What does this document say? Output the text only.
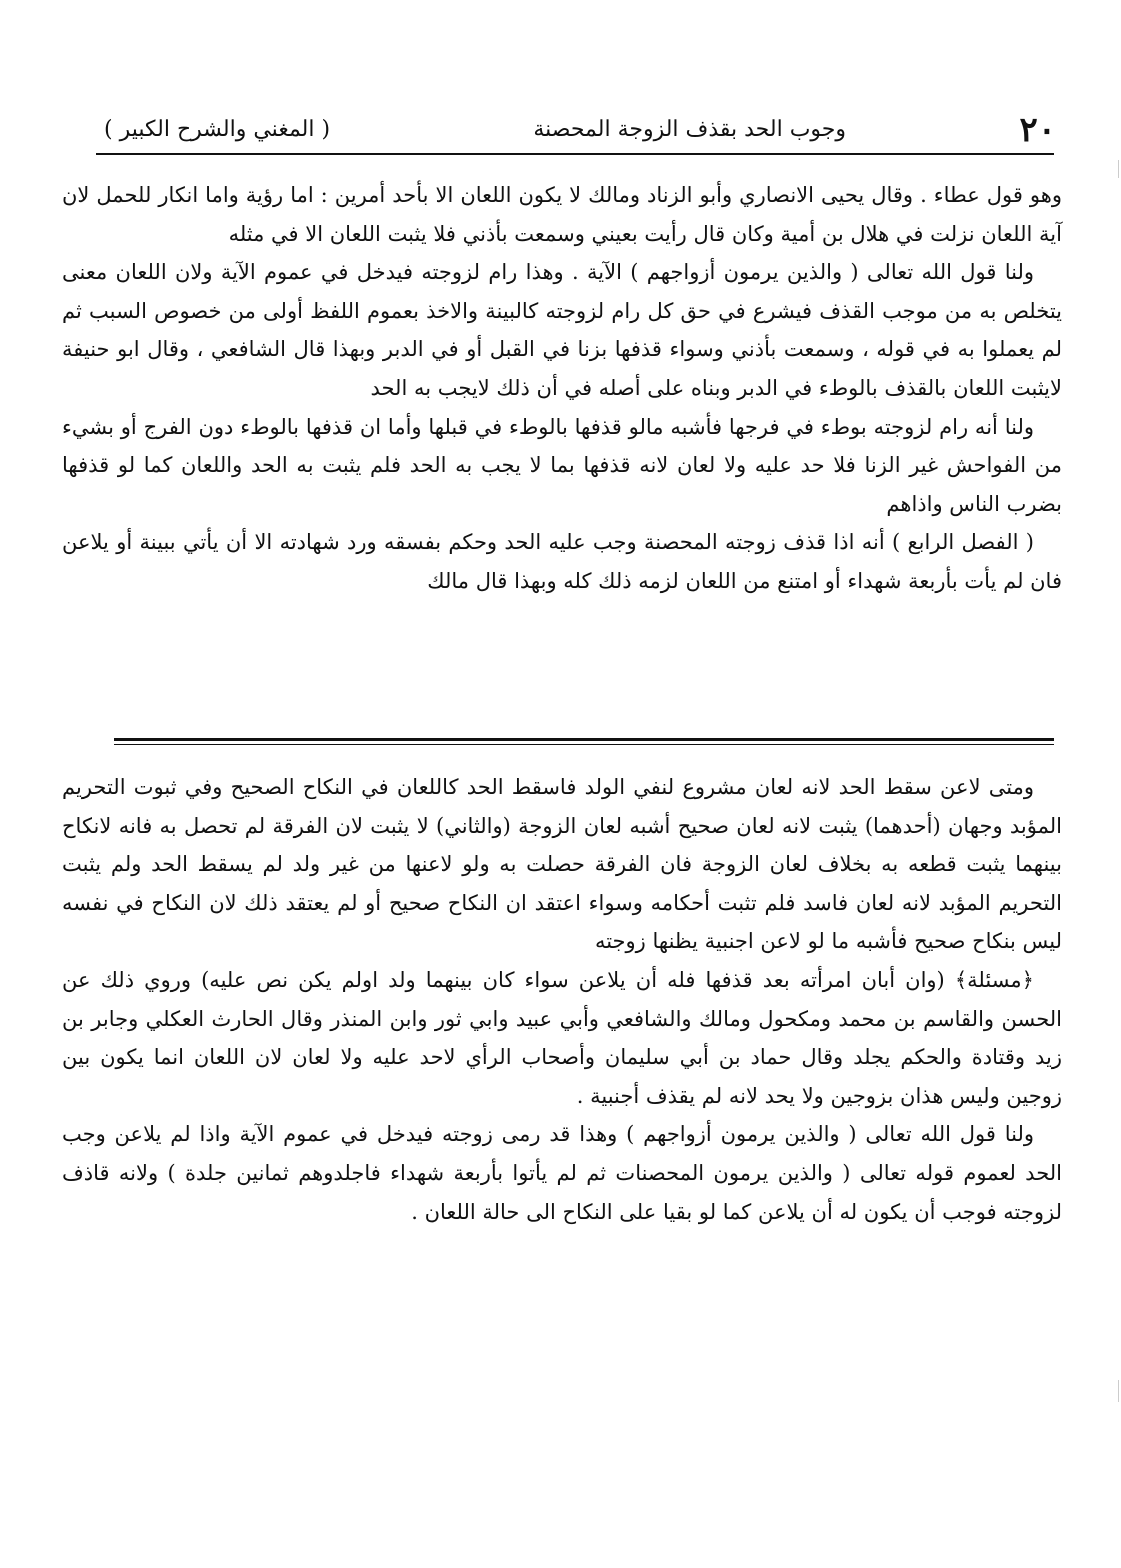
٢٠
وجوب الحد بقذف الزوجة المحصنة
( المغني والشرح الكبير )

وهو قول عطاء . وقال يحيى الانصاري وأبو الزناد ومالك لا يكون اللعان الا بأحد أمرين : اما رؤية واما انكار للحمل لان آية اللعان نزلت في هلال بن أمية وكان قال رأيت بعيني وسمعت بأذني فلا يثبت اللعان الا في مثله

ولنا قول الله تعالى ( والذين يرمون أزواجهم ) الآية . وهذا رام لزوجته فيدخل في عموم الآية ولان اللعان معنى يتخلص به من موجب القذف فيشرع في حق كل رام لزوجته كالبينة والاخذ بعموم اللفظ أولى من خصوص السبب ثم لم يعملوا به في قوله ، وسمعت بأذني وسواء قذفها بزنا في القبل أو في الدبر وبهذا قال الشافعي ، وقال ابو حنيفة لايثبت اللعان بالقذف بالوطء في الدبر وبناه على أصله في أن ذلك لايجب به الحد

ولنا أنه رام لزوجته بوطء في فرجها فأشبه مالو قذفها بالوطء في قبلها وأما ان قذفها بالوطء دون الفرج أو بشيء من الفواحش غير الزنا فلا حد عليه ولا لعان لانه قذفها بما لا يجب به الحد فلم يثبت به الحد واللعان كما لو قذفها بضرب الناس واذاهم

( الفصل الرابع ) أنه اذا قذف زوجته المحصنة وجب عليه الحد وحكم بفسقه ورد شهادته الا أن يأتي ببينة أو يلاعن فان لم يأت بأربعة شهداء أو امتنع من اللعان لزمه ذلك كله وبهذا قال مالك

ومتى لاعن سقط الحد لانه لعان مشروع لنفي الولد فاسقط الحد كاللعان في النكاح الصحيح وفي ثبوت التحريم المؤبد وجهان (أحدهما) يثبت لانه لعان صحيح أشبه لعان الزوجة (والثاني) لا يثبت لان الفرقة لم تحصل به فانه لانكاح بينهما يثبت قطعه به بخلاف لعان الزوجة فان الفرقة حصلت به ولو لاعنها من غير ولد لم يسقط الحد ولم يثبت التحريم المؤبد لانه لعان فاسد فلم تثبت أحكامه وسواء اعتقد ان النكاح صحيح أو لم يعتقد ذلك لان النكاح في نفسه ليس بنكاح صحيح فأشبه ما لو لاعن اجنبية يظنها زوجته

﴿مسئلة﴾ (وان أبان امرأته بعد قذفها فله أن يلاعن سواء كان بينهما ولد اولم يكن نص عليه) وروي ذلك عن الحسن والقاسم بن محمد ومكحول ومالك والشافعي وأبي عبيد وابي ثور وابن المنذر وقال الحارث العكلي وجابر بن زيد وقتادة والحكم يجلد وقال حماد بن أبي سليمان وأصحاب الرأي لاحد عليه ولا لعان لان اللعان انما يكون بين زوجين وليس هذان بزوجين ولا يحد لانه لم يقذف أجنبية .

ولنا قول الله تعالى ( والذين يرمون أزواجهم ) وهذا قد رمى زوجته فيدخل في عموم الآية واذا لم يلاعن وجب الحد لعموم قوله تعالى ( والذين يرمون المحصنات ثم لم يأتوا بأربعة شهداء فاجلدوهم ثمانين جلدة ) ولانه قاذف لزوجته فوجب أن يكون له أن يلاعن كما لو بقيا على النكاح الى حالة اللعان .
